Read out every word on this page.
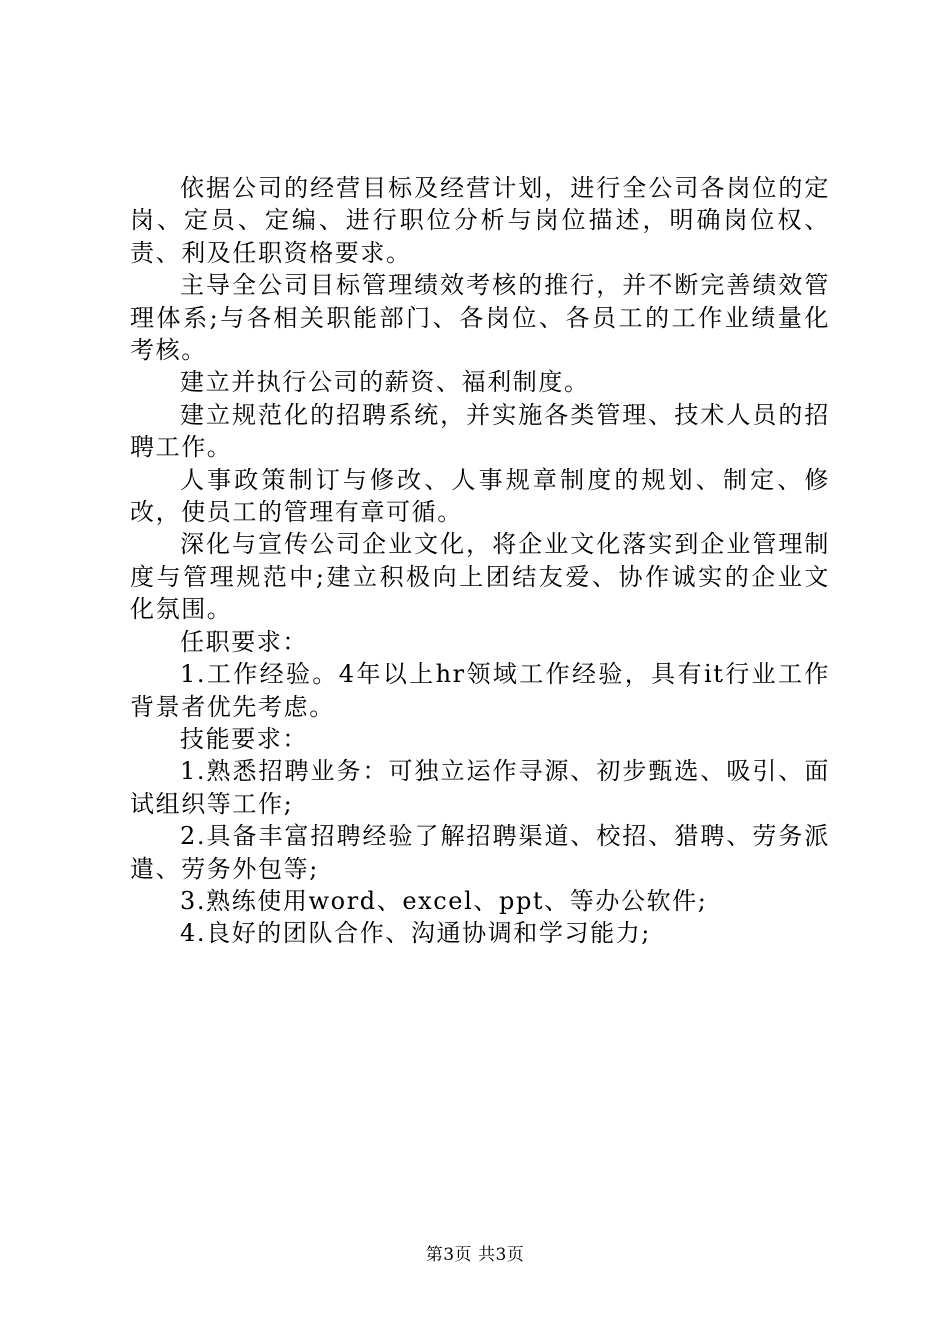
依据公司的经营目标及经营计划，进行全公司各岗位的定岗、定员、定编、进行职位分析与岗位描述，明确岗位权、责、利及任职资格要求。

主导全公司目标管理绩效考核的推行，并不断完善绩效管理体系;与各相关职能部门、各岗位、各员工的工作业绩量化考核。

建立并执行公司的薪资、福利制度。

建立规范化的招聘系统，并实施各类管理、技术人员的招聘工作。

人事政策制订与修改、人事规章制度的规划、制定、修改，使员工的管理有章可循。

深化与宣传公司企业文化，将企业文化落实到企业管理制度与管理规范中;建立积极向上团结友爱、协作诚实的企业文化氛围。

任职要求：

1.工作经验。4年以上hr领域工作经验，具有it行业工作背景者优先考虑。

技能要求：

1.熟悉招聘业务：可独立运作寻源、初步甄选、吸引、面试组织等工作;

2.具备丰富招聘经验了解招聘渠道、校招、猎聘、劳务派遣、劳务外包等;

3.熟练使用word、excel、ppt、等办公软件;

4.良好的团队合作、沟通协调和学习能力;

第3页 共3页
